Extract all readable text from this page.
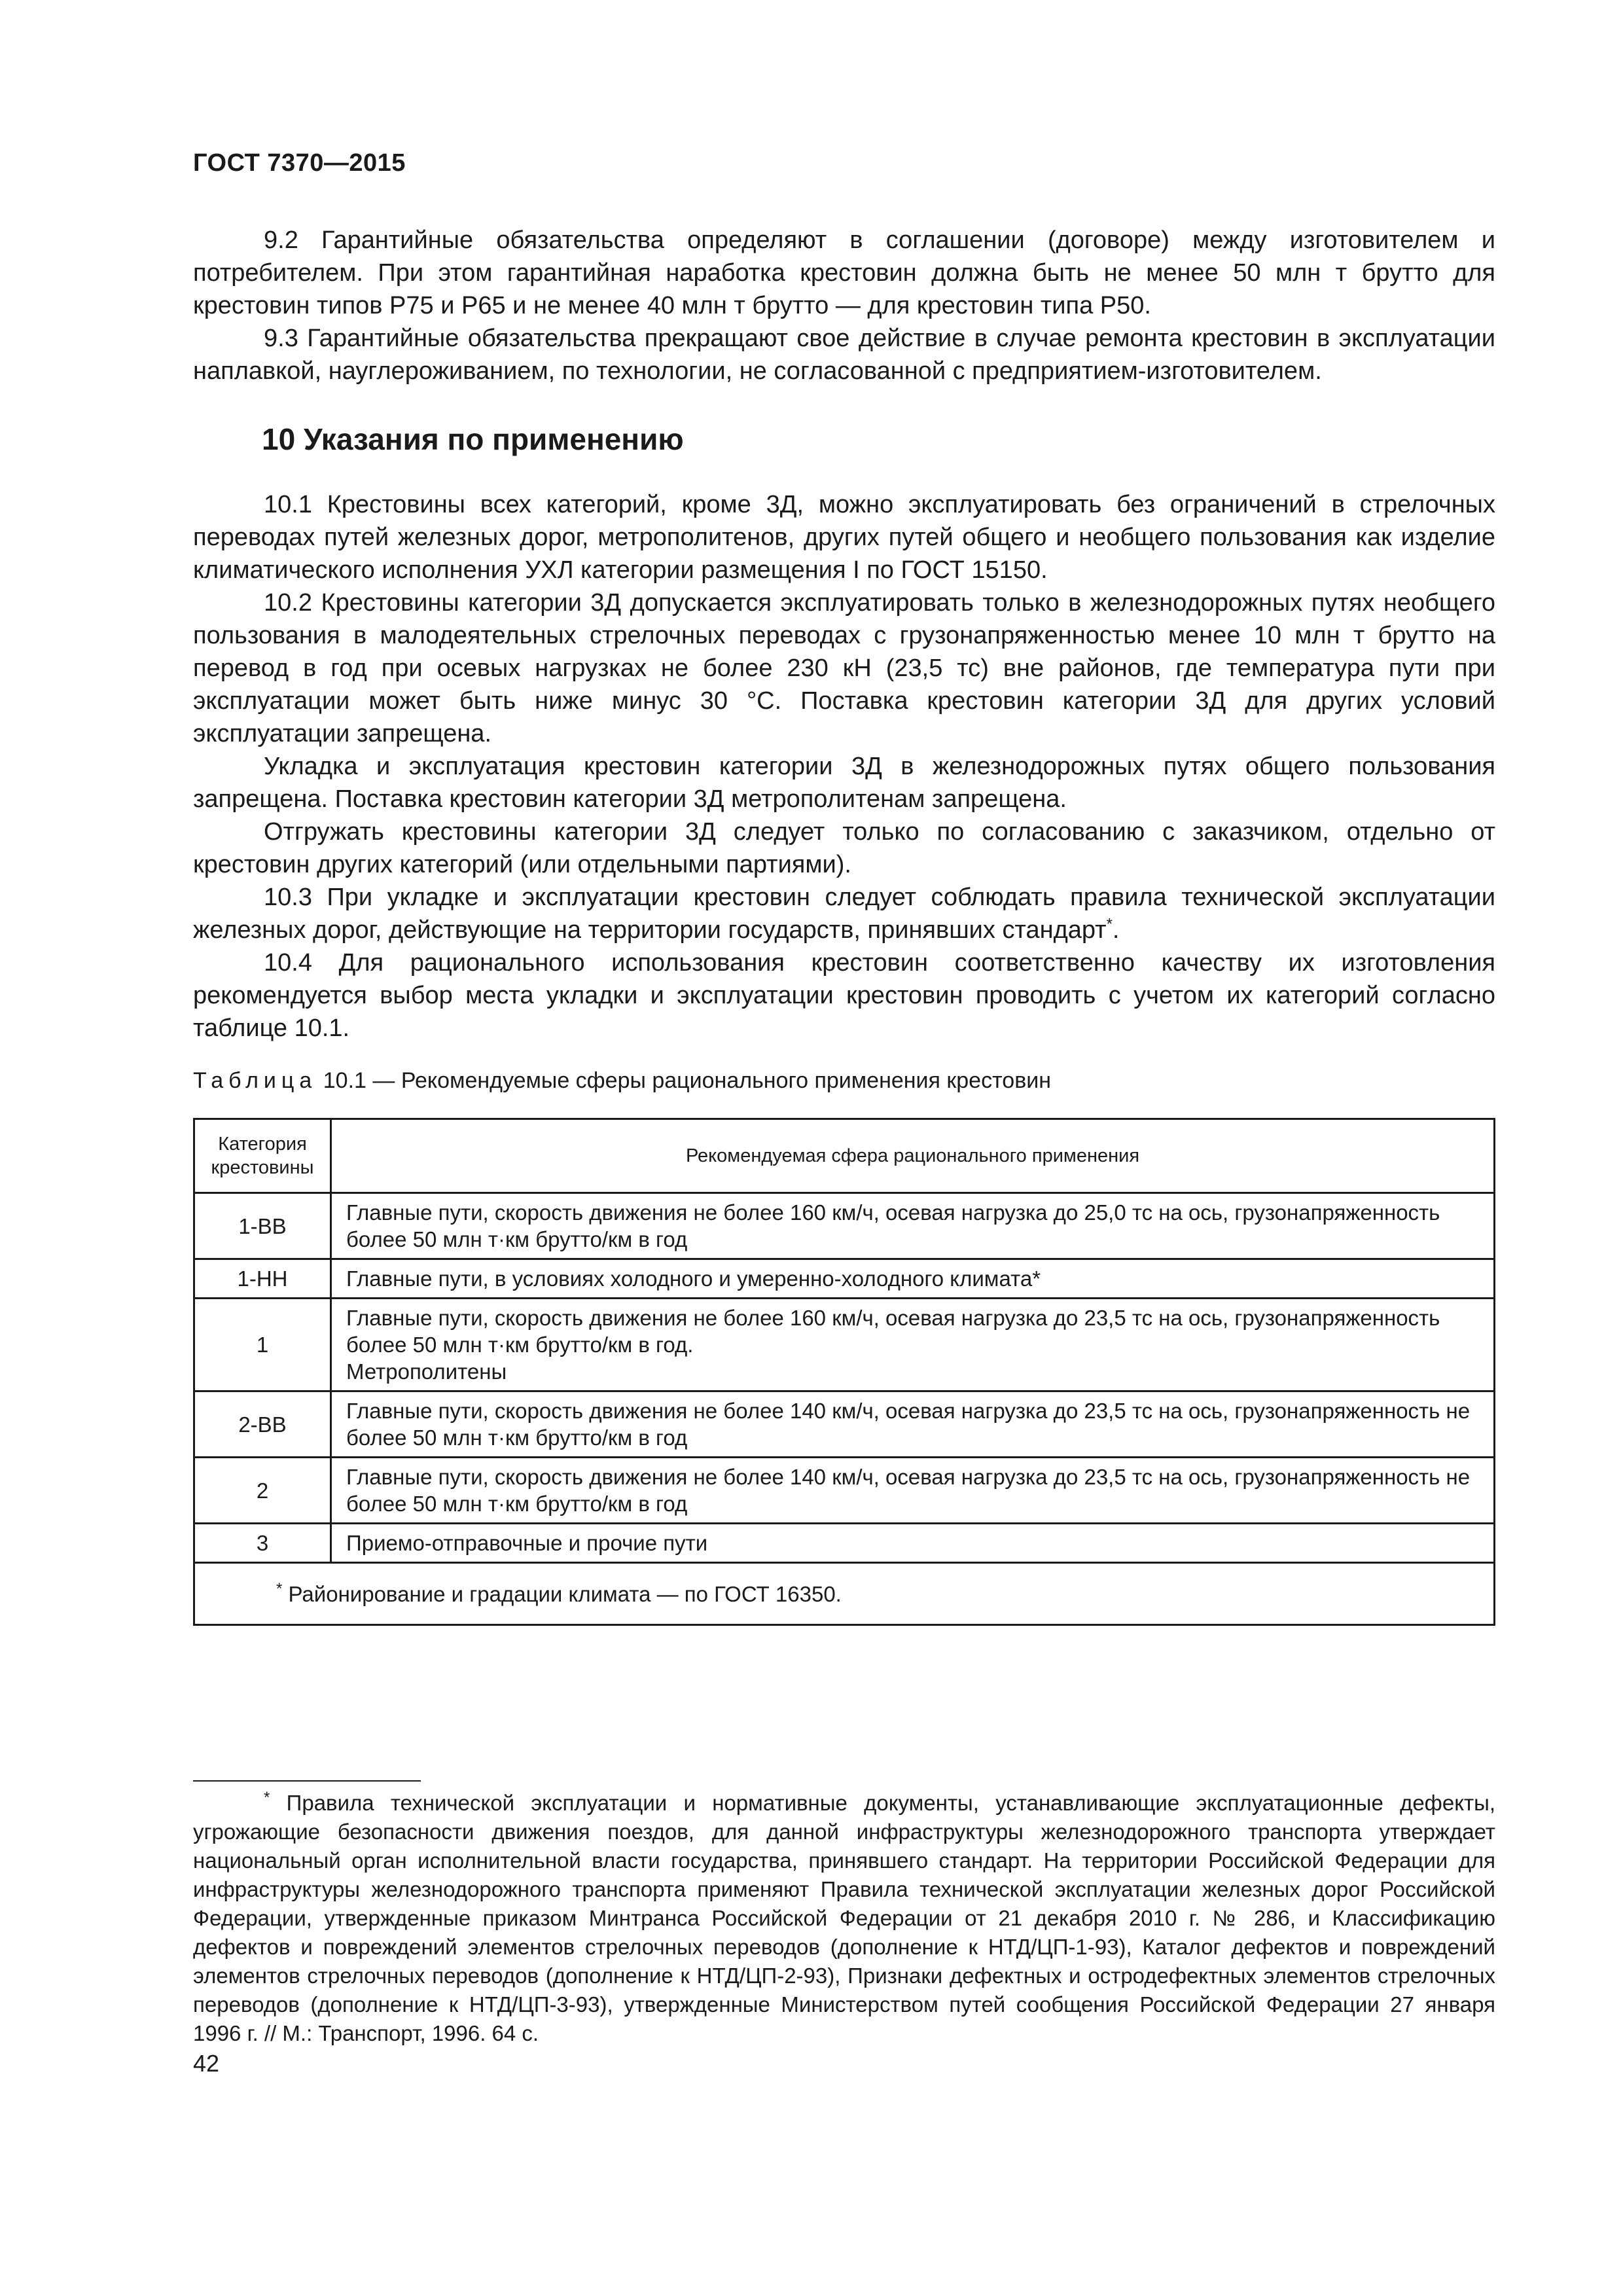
ГОСТ 7370—2015

9.2 Гарантийные обязательства определяют в соглашении (договоре) между изготовителем и потребителем. При этом гарантийная наработка крестовин должна быть не менее 50 млн т брутто для крестовин типов Р75 и Р65 и не менее 40 млн т брутто — для крестовин типа Р50.

9.3 Гарантийные обязательства прекращают свое действие в случае ремонта крестовин в эксплуатации наплавкой, науглероживанием, по технологии, не согласованной с предприятием-изготовителем.

10 Указания по применению

10.1 Крестовины всех категорий, кроме 3Д, можно эксплуатировать без ограничений в стрелочных переводах путей железных дорог, метрополитенов, других путей общего и необщего пользования как изделие климатического исполнения УХЛ категории размещения I по ГОСТ 15150.

10.2 Крестовины категории 3Д допускается эксплуатировать только в железнодорожных путях необщего пользования в малодеятельных стрелочных переводах с грузонапряженностью менее 10 млн т брутто на перевод в год при осевых нагрузках не более 230 кН (23,5 тс) вне районов, где температура пути при эксплуатации может быть ниже минус 30 °С. Поставка крестовин категории 3Д для других условий эксплуатации запрещена.

Укладка и эксплуатация крестовин категории 3Д в железнодорожных путях общего пользования запрещена. Поставка крестовин категории 3Д метрополитенам запрещена.

Отгружать крестовины категории 3Д следует только по согласованию с заказчиком, отдельно от крестовин других категорий (или отдельными партиями).

10.3 При укладке и эксплуатации крестовин следует соблюдать правила технической эксплуатации железных дорог, действующие на территории государств, принявших стандарт*.

10.4 Для рационального использования крестовин соответственно качеству их изготовления рекомендуется выбор места укладки и эксплуатации крестовин проводить с учетом их категорий согласно таблице 10.1.

Таблица 10.1 — Рекомендуемые сферы рационального применения крестовин
Категория крестовины	Рекомендуемая сфера рационального применения
1-ВВ	Главные пути, скорость движения не более 160 км/ч, осевая нагрузка до 25,0 тс на ось, грузонапряженность более 50 млн т·км брутто/км в год
1-НН	Главные пути, в условиях холодного и умеренно-холодного климата*
1	Главные пути, скорость движения не более 160 км/ч, осевая нагрузка до 23,5 тс на ось, грузонапряженность более 50 млн т·км брутто/км в год.
Метрополитены

2-ВВ	Главные пути, скорость движения не более 140 км/ч, осевая нагрузка до 23,5 тс на ось, грузонапряженность не более 50 млн т·км брутто/км в год
2	Главные пути, скорость движения не более 140 км/ч, осевая нагрузка до 23,5 тс на ось, грузонапряженность не более 50 млн т·км брутто/км в год
3	Приемо-отправочные и прочие пути
* Районирование и градации климата — по ГОСТ 16350.	

* Правила технической эксплуатации и нормативные документы, устанавливающие эксплуатационные дефекты, угрожающие безопасности движения поездов, для данной инфраструктуры железнодорожного транспорта утверждает национальный орган исполнительной власти государства, принявшего стандарт. На территории Российской Федерации для инфраструктуры железнодорожного транспорта применяют Правила технической эксплуатации железных дорог Российской Федерации, утвержденные приказом Минтранса Российской Федерации от 21 декабря 2010 г. № 286, и Классификацию дефектов и повреждений элементов стрелочных переводов (дополнение к НТД/ЦП-1-93), Каталог дефектов и повреждений элементов стрелочных переводов (дополнение к НТД/ЦП-2-93), Признаки дефектных и остродефектных элементов стрелочных переводов (дополнение к НТД/ЦП-3-93), утвержденные Министерством путей сообщения Российской Федерации 27 января 1996 г. // М.: Транспорт, 1996. 64 с.

42
